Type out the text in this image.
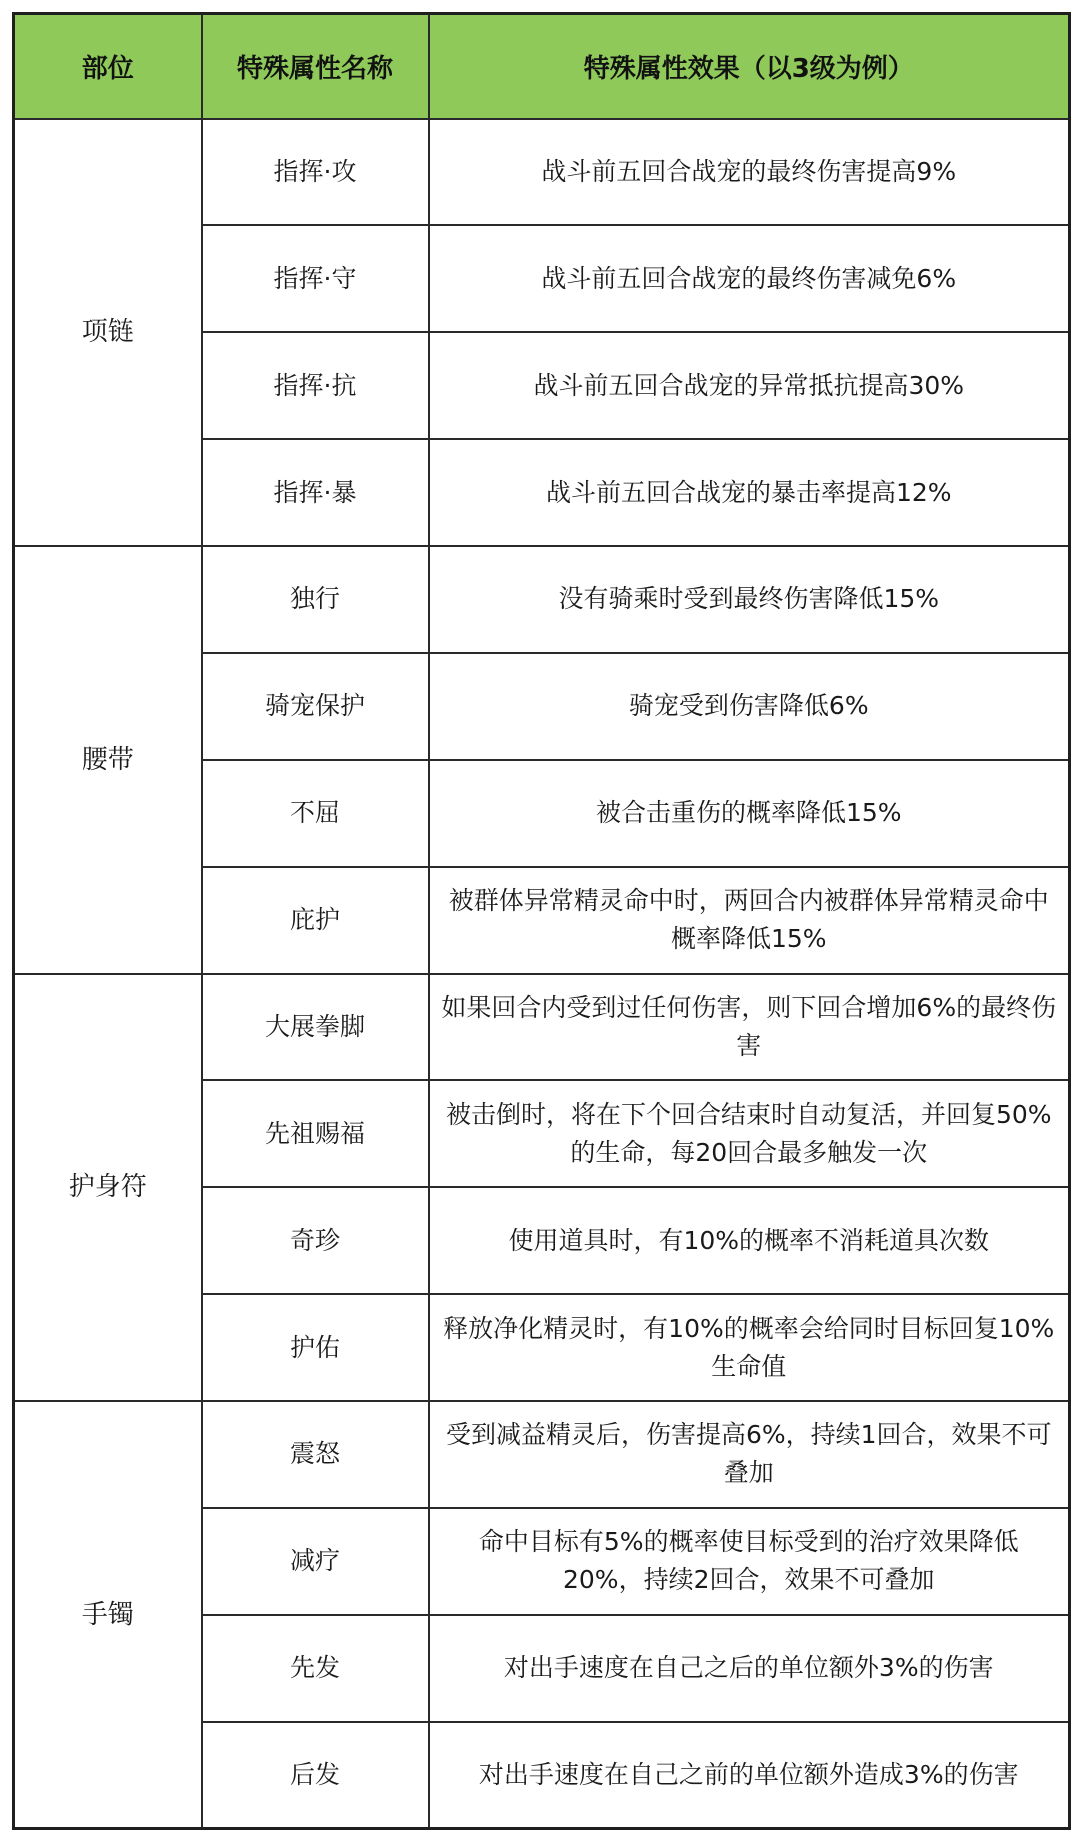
部位	特殊属性名称	特殊属性效果（以3级为例）
项链	指挥·攻	战斗前五回合战宠的最终伤害提高9%
	指挥·守	战斗前五回合战宠的最终伤害减免6%
	指挥·抗	战斗前五回合战宠的异常抵抗提高30%
	指挥·暴	战斗前五回合战宠的暴击率提高12%
腰带	独行	没有骑乘时受到最终伤害降低15%
	骑宠保护	骑宠受到伤害降低6%
	不屈	被合击重伤的概率降低15%
	庇护	被群体异常精灵命中时，两回合内被群体异常精灵命中概率降低15%
护身符	大展拳脚	如果回合内受到过任何伤害，则下回合增加6%的最终伤害
	先祖赐福	被击倒时，将在下个回合结束时自动复活，并回复50%的生命，每20回合最多触发一次
	奇珍	使用道具时，有10%的概率不消耗道具次数
	护佑	释放净化精灵时，有10%的概率会给同时目标回复10%生命值
手镯	震怒	受到减益精灵后，伤害提高6%，持续1回合，效果不可叠加
	减疗	命中目标有5%的概率使目标受到的治疗效果降低20%，持续2回合，效果不可叠加
	先发	对出手速度在自己之后的单位额外3%的伤害
	后发	对出手速度在自己之前的单位额外造成3%的伤害
